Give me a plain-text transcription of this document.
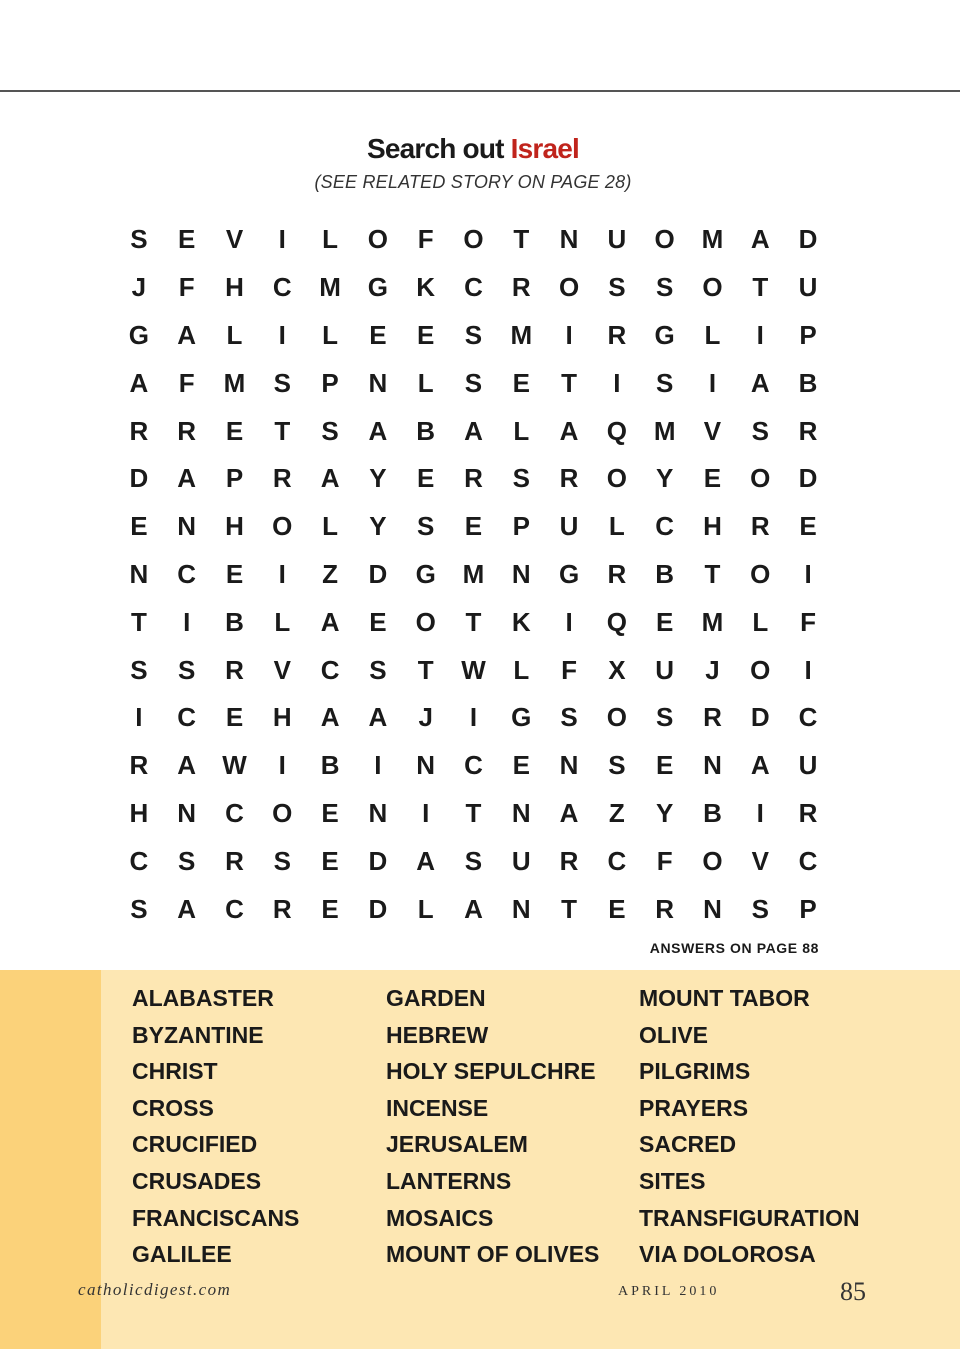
Search out Israel
(SEE RELATED STORY ON PAGE 28)
S	E	V	I	L	O	F	O	T	N	U	O	M	A	D
J	F	H	C	M	G	K	C	R	O	S	S	O	T	U
G	A	L	I	L	E	E	S	M	I	R	G	L	I	P
A	F	M	S	P	N	L	S	E	T	I	S	I	A	B
R	R	E	T	S	A	B	A	L	A	Q	M	V	S	R
D	A	P	R	A	Y	E	R	S	R	O	Y	E	O	D
E	N	H	O	L	Y	S	E	P	U	L	C	H	R	E
N	C	E	I	Z	D	G	M	N	G	R	B	T	O	I
T	I	B	L	A	E	O	T	K	I	Q	E	M	L	F
S	S	R	V	C	S	T	W	L	F	X	U	J	O	I
I	C	E	H	A	A	J	I	G	S	O	S	R	D	C
R	A	W	I	B	I	N	C	E	N	S	E	N	A	U
H	N	C	O	E	N	I	T	N	A	Z	Y	B	I	R
C	S	R	S	E	D	A	S	U	R	C	F	O	V	C
S	A	C	R	E	D	L	A	N	T	E	R	N	S	P
ANSWERS ON PAGE 88
ALABASTER
BYZANTINE
CHRIST
CROSS
CRUCIFIED
CRUSADES
FRANCISCANS
GALILEE
GARDEN
HEBREW
HOLY SEPULCHRE
INCENSE
JERUSALEM
LANTERNS
MOSAICS
MOUNT OF OLIVES
MOUNT TABOR
OLIVE
PILGRIMS
PRAYERS
SACRED
SITES
TRANSFIGURATION
VIA DOLOROSA
catholicdigest.com	APRIL 2010	85
